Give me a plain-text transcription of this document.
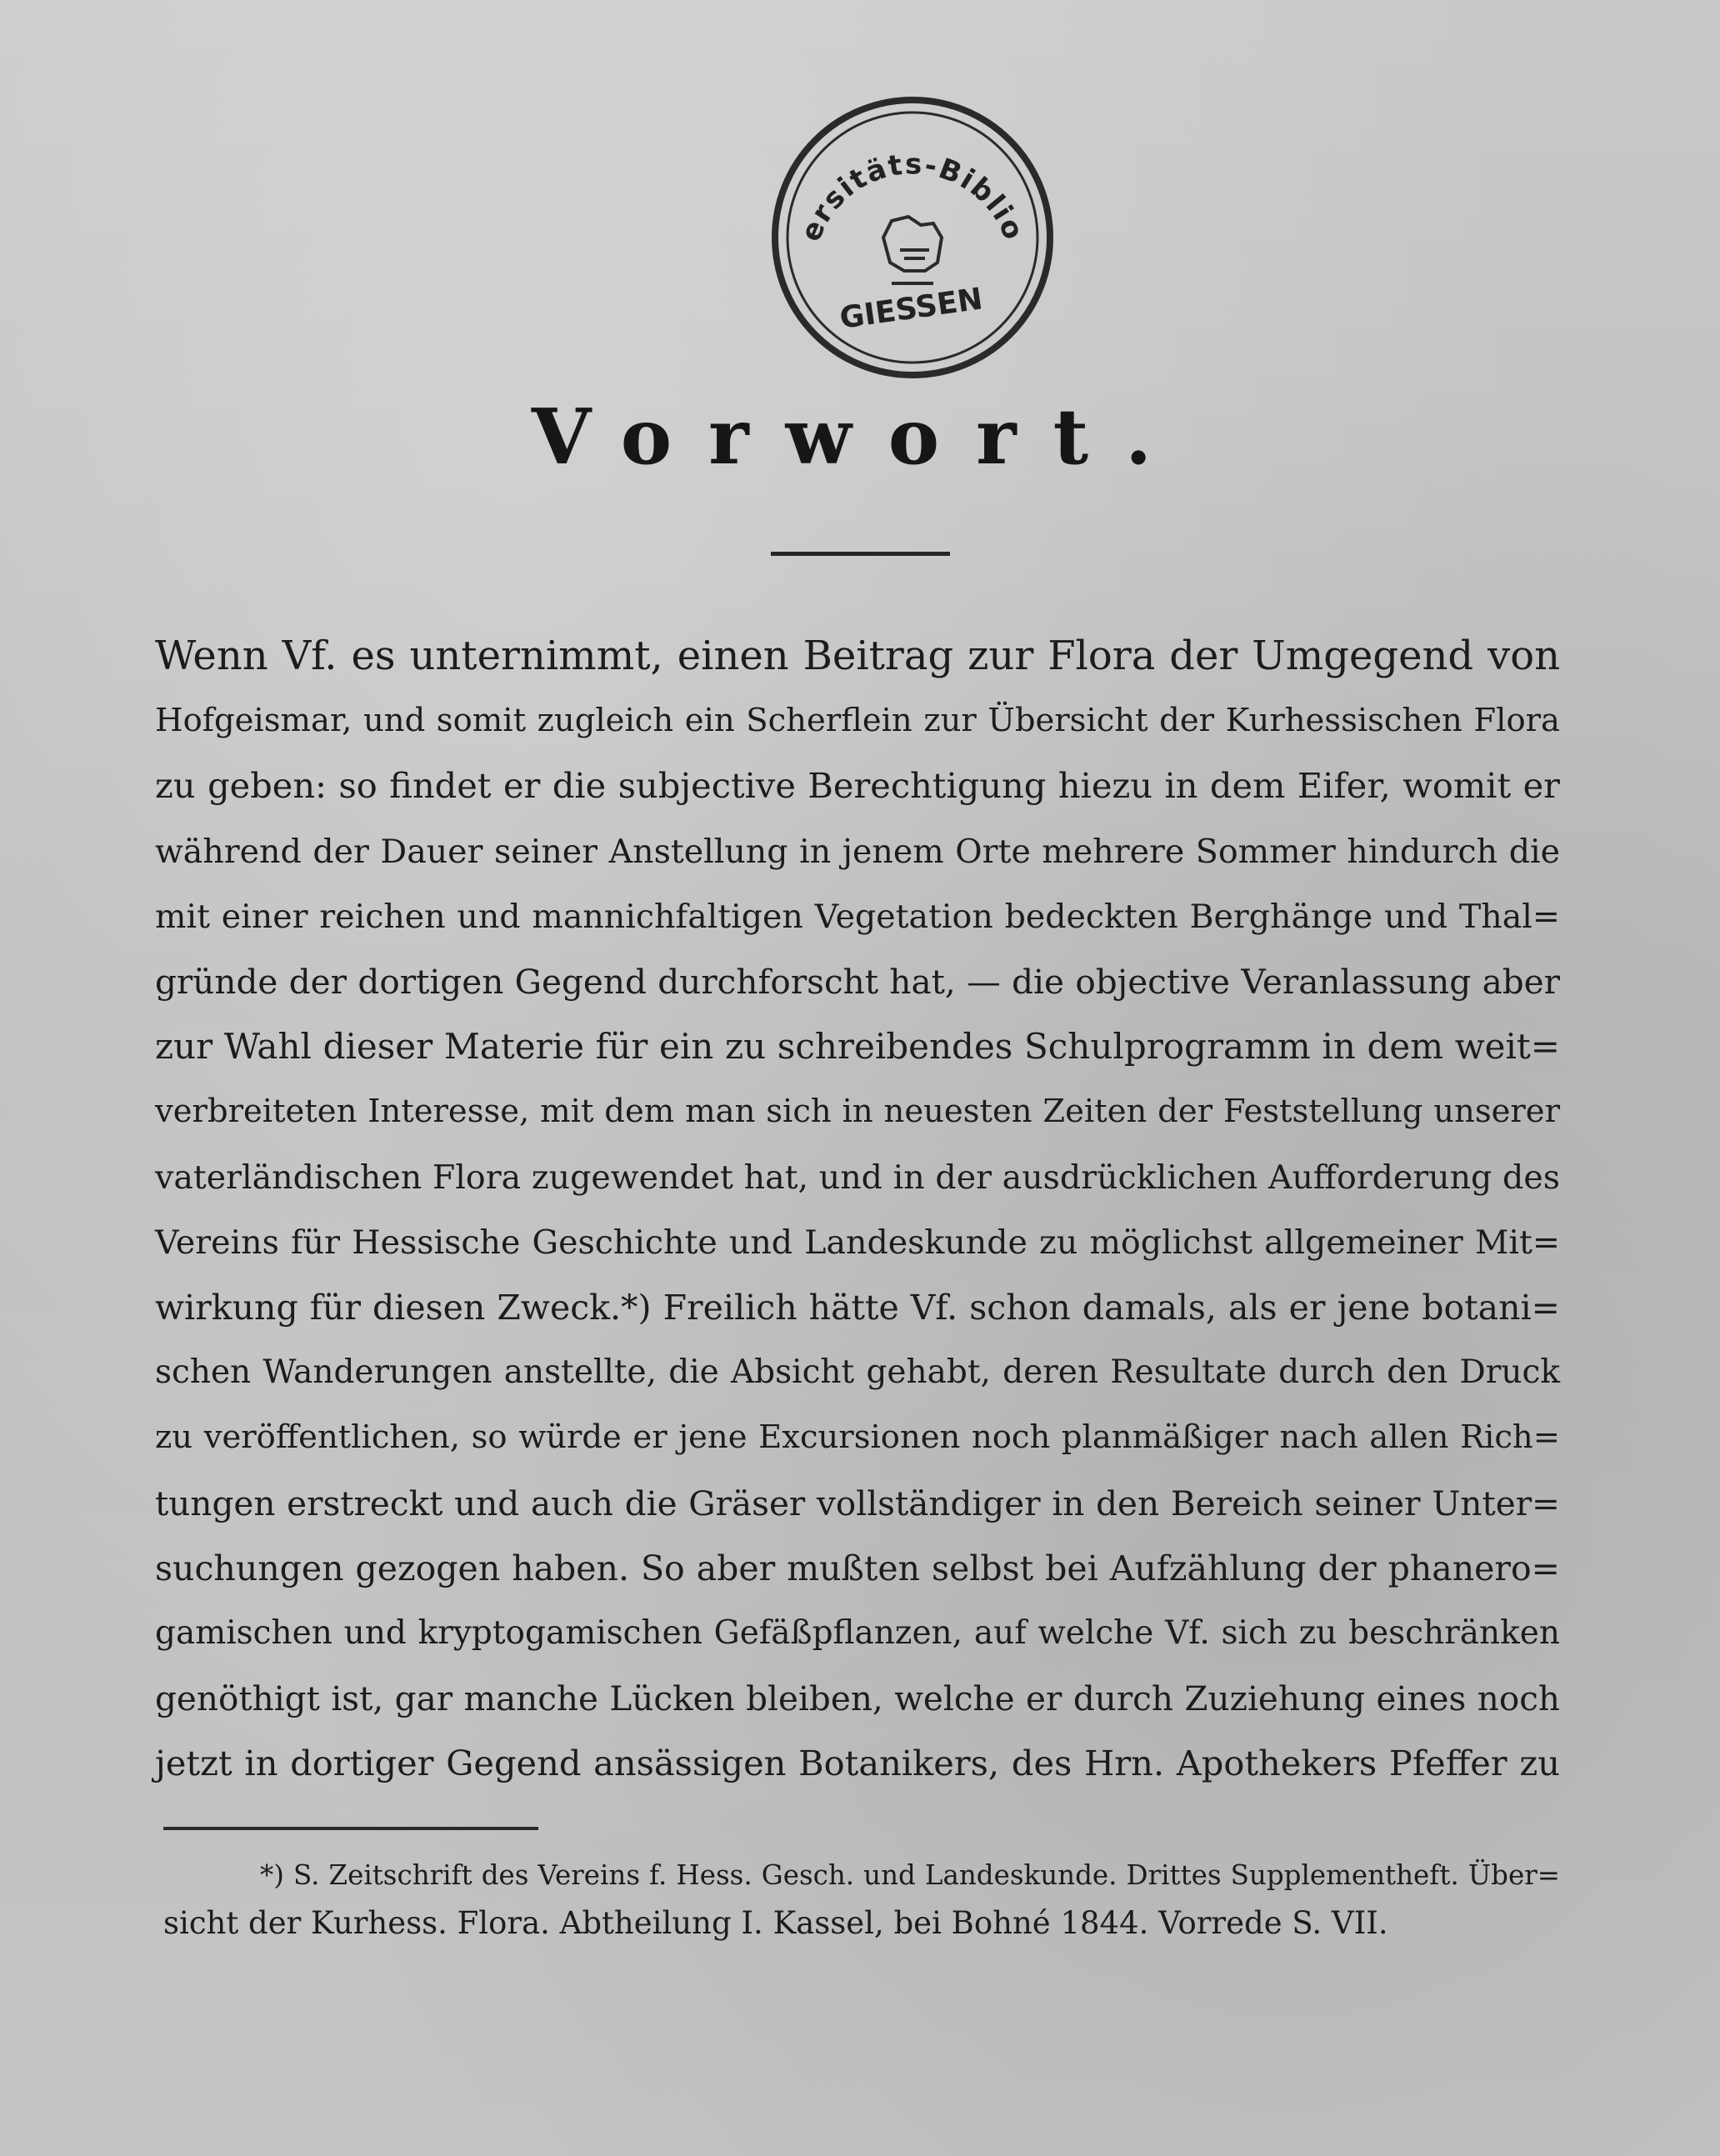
ersitäts-Biblio
GIESSEN
Vorwort.
Wenn Vf. es unternimmt, einen Beitrag zur Flora der Umgegend von
Hofgeismar, und somit zugleich ein Scherflein zur Übersicht der Kurhessischen Flora
zu geben: so findet er die subjective Berechtigung hiezu in dem Eifer, womit er
während der Dauer seiner Anstellung in jenem Orte mehrere Sommer hindurch die
mit einer reichen und mannichfaltigen Vegetation bedeckten Berghänge und Thal=
gründe der dortigen Gegend durchforscht hat, — die objective Veranlassung aber
zur Wahl dieser Materie für ein zu schreibendes Schulprogramm in dem weit=
verbreiteten Interesse, mit dem man sich in neuesten Zeiten der Feststellung unserer
vaterländischen Flora zugewendet hat, und in der ausdrücklichen Aufforderung des
Vereins für Hessische Geschichte und Landeskunde zu möglichst allgemeiner Mit=
wirkung für diesen Zweck.*) Freilich hätte Vf. schon damals, als er jene botani=
schen Wanderungen anstellte, die Absicht gehabt, deren Resultate durch den Druck
zu veröffentlichen, so würde er jene Excursionen noch planmäßiger nach allen Rich=
tungen erstreckt und auch die Gräser vollständiger in den Bereich seiner Unter=
suchungen gezogen haben. So aber mußten selbst bei Aufzählung der phanero=
gamischen und kryptogamischen Gefäßpflanzen, auf welche Vf. sich zu beschränken
genöthigt ist, gar manche Lücken bleiben, welche er durch Zuziehung eines noch
jetzt in dortiger Gegend ansässigen Botanikers, des Hrn. Apothekers Pfeffer zu
*) S. Zeitschrift des Vereins f. Hess. Gesch. und Landeskunde. Drittes Supplementheft. Über=
sicht der Kurhess. Flora. Abtheilung I. Kassel, bei Bohné 1844. Vorrede S. VII.
